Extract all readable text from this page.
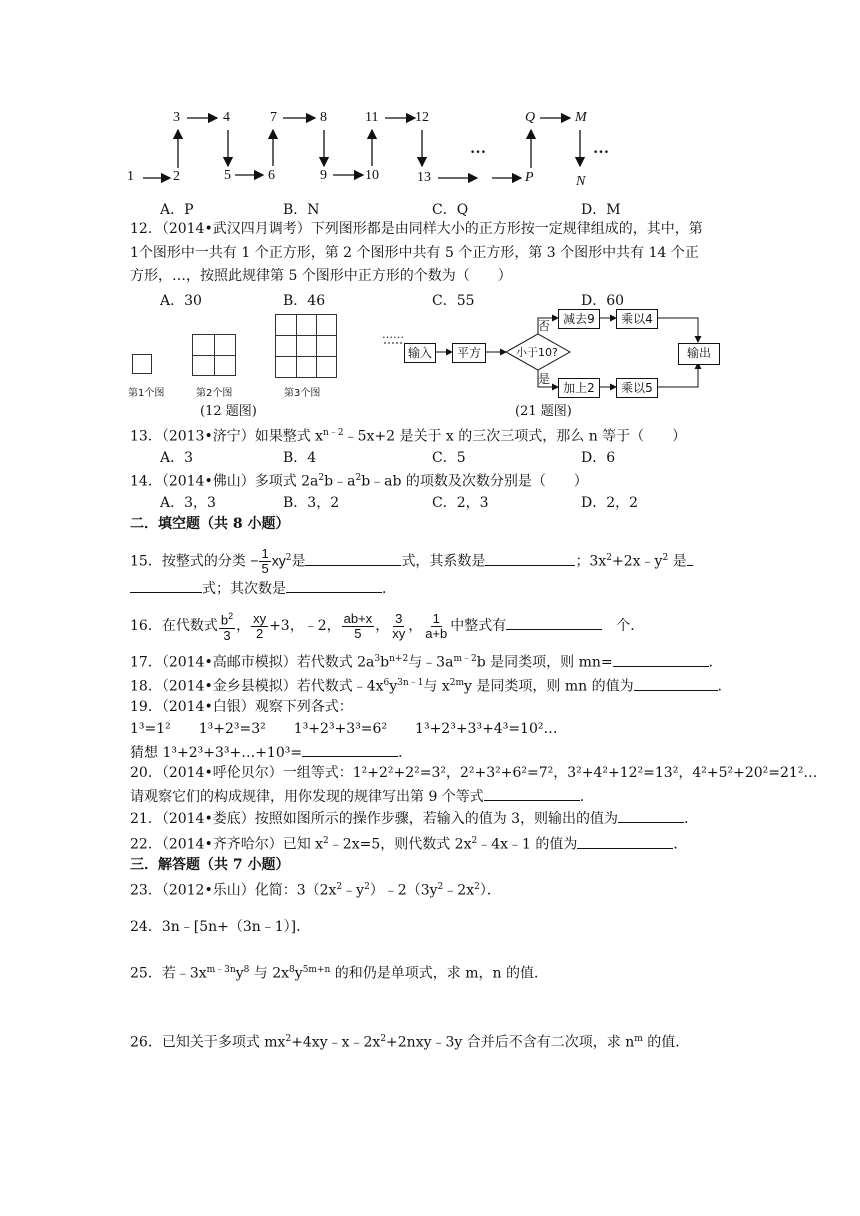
1	2
3	4
5	6
7	8
9	10
11	12
13
…
P
Q	M
N
…
A．P	B．N	C．Q	D．M
12．（2014•武汉四月调考）下列图形都是由同样大小的正方形按一定规律组成的，其中，第
1个图形中一共有 1 个正方形，第 2 个图形中共有 5 个正方形，第 3 个图形中共有 14 个正
方形，…，按照此规律第 5 个图形中正方形的个数为（　　）
A．30	B．46	C．55	D．60
第1个图	第2个图	第3个图
(12 题图)
……
输入	平方	小于10?
否
是
减去9	乘以4
加上2	乘以5
输出
(21 题图)
13．（2013•济宁）如果整式 $x^{n﹣2}﹣5x+2$ 是关于 x 的三次三项式，那么 n 等于（　　）
A．3	B．4	C．5	D．6
14．（2014•佛山）多项式 $2a^2b﹣a^2b﹣ab$ 的项数及次数分别是（　　）
A．3，3	B．3，2	C．2，3	D．2，2
二．填空题（共 8 小题）
15．按整式的分类 − $\frac{1}{5} xy^2$是	式，其系数是	；$3x^2+2x﹣y^2$ 是
式；其次数是	．
16．在代数式 $\frac{b^2}{3}$ ， $\frac{xy}{2} +3$，﹣2， $\frac{ab+x}{5}$ ， $\frac{3}{xy}$ ， $\frac{1}{a+b}$ 中整式有 	个．
17．（2014•高邮市模拟）若代数式 $2a^3b^{n+2}$与$﹣3a^{m﹣2}b$ 是同类项，则 mn=	．
18．（2014•金乡县模拟）若代数式$﹣4x^6y^{3n﹣1}$与 $x^{2m}y$ 是同类项，则 mn 的值为	．
19．（2014•白银）观察下列各式：
1³=1²  1³+2³=3²  1³+2³+3³=6²  1³+2³+3³+4³=10²…
猜想 1³+2³+3³+…+10³=	．
20．（2014•呼伦贝尔）一组等式：1²+2²+2²=3²，2²+3²+6²=7²，3²+4²+12²=13²，4²+5²+20²=21²…
请观察它们的构成规律，用你发现的规律写出第 9 个等式	．
21．（2014•娄底）按照如图所示的操作步骤，若输入的值为 3，则输出的值为	．
22．（2014•齐齐哈尔）已知 $x^2﹣2x=5$，则代数式 $2x^2﹣4x﹣1$ 的值为	．
三．解答题（共 7 小题）
23．（2012•乐山）化简：$3(2x^2﹣y^2)﹣2(3y^2﹣2x^2)$．
24．3n﹣[5n+（3n﹣1）]．
25．若$﹣3x^{m﹣3n}y^8$ 与 $2x^8y^{5m+n}$ 的和仍是单项式，求 m，n 的值．
26．已知关于多项式 $mx^2+4xy﹣x﹣2x^2+2nxy﹣3y$ 合并后不含有二次项，求 $n^m$ 的值．
